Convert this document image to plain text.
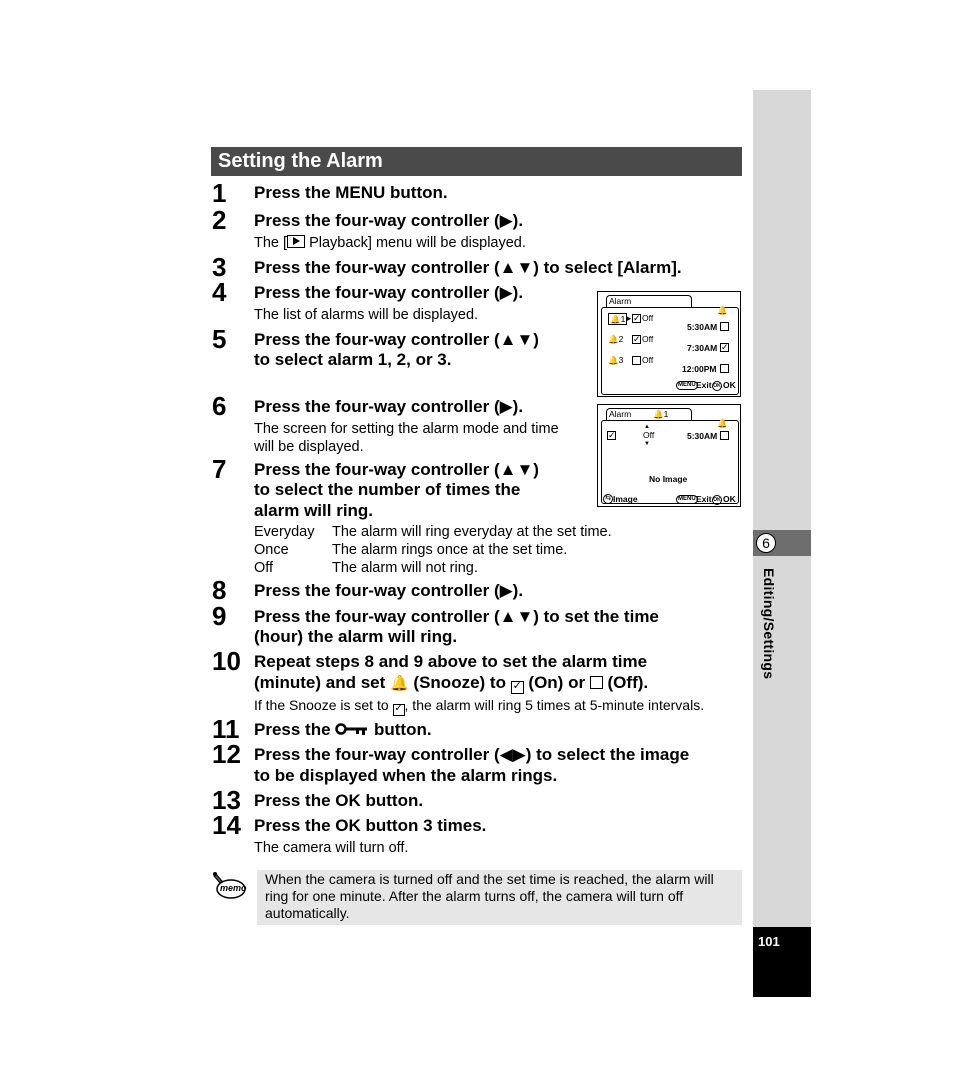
6
Editing/Settings
101
Setting the Alarm
1 Press the MENU button.
2 Press the four-way controller (▶).
The [
Playback] menu will be displayed.
3 Press the four-way controller (▲▼) to select [Alarm].
4 Press the four-way controller (▶).
The list of alarms will be displayed.
5 Press the four-way controller (▲▼)
to select alarm 1, 2, or 3.
6 Press the four-way controller (▶).
The screen for setting the alarm mode and time
will be displayed.
7 Press the four-way controller (▲▼)
to select the number of times the
alarm will ring.
Everyday The alarm will ring everyday at the set time.
Once	The alarm rings once at the set time.
Off	The alarm will not ring.
8 Press the four-way controller (▶).
9 Press the four-way controller (▲▼) to set the time
(hour) the alarm will ring.
10 Repeat steps 8 and 9 above to set the alarm time
(minute) and set 🔔 (Snooze) to ✓ (On) or  (Off).
If the Snooze is set to ✓ , the alarm will ring 5 times at 5-minute intervals.
11 Press the  button.
12 Press the four-way controller (◀▶) to select the image
to be displayed when the alarm rings.
13 Press the OK button.
14 Press the OK button 3 times.
The camera will turn off.
Alarm
🔔1 ▸ ✓ Off
🔔
5:30AM
🔔2 ✓ Off
7:30AM ✓
🔔3 Off
12:00PM
MENU Exit OK OK
Alarm	🔔1
✓
▲
Off
▼
🔔
5:30AM
No Image
⇆ Image	MENU Exit OK OK
memo
When the camera is turned off and the set time is reached, the alarm will ring for one minute. After the alarm turns off, the camera will turn off automatically.
